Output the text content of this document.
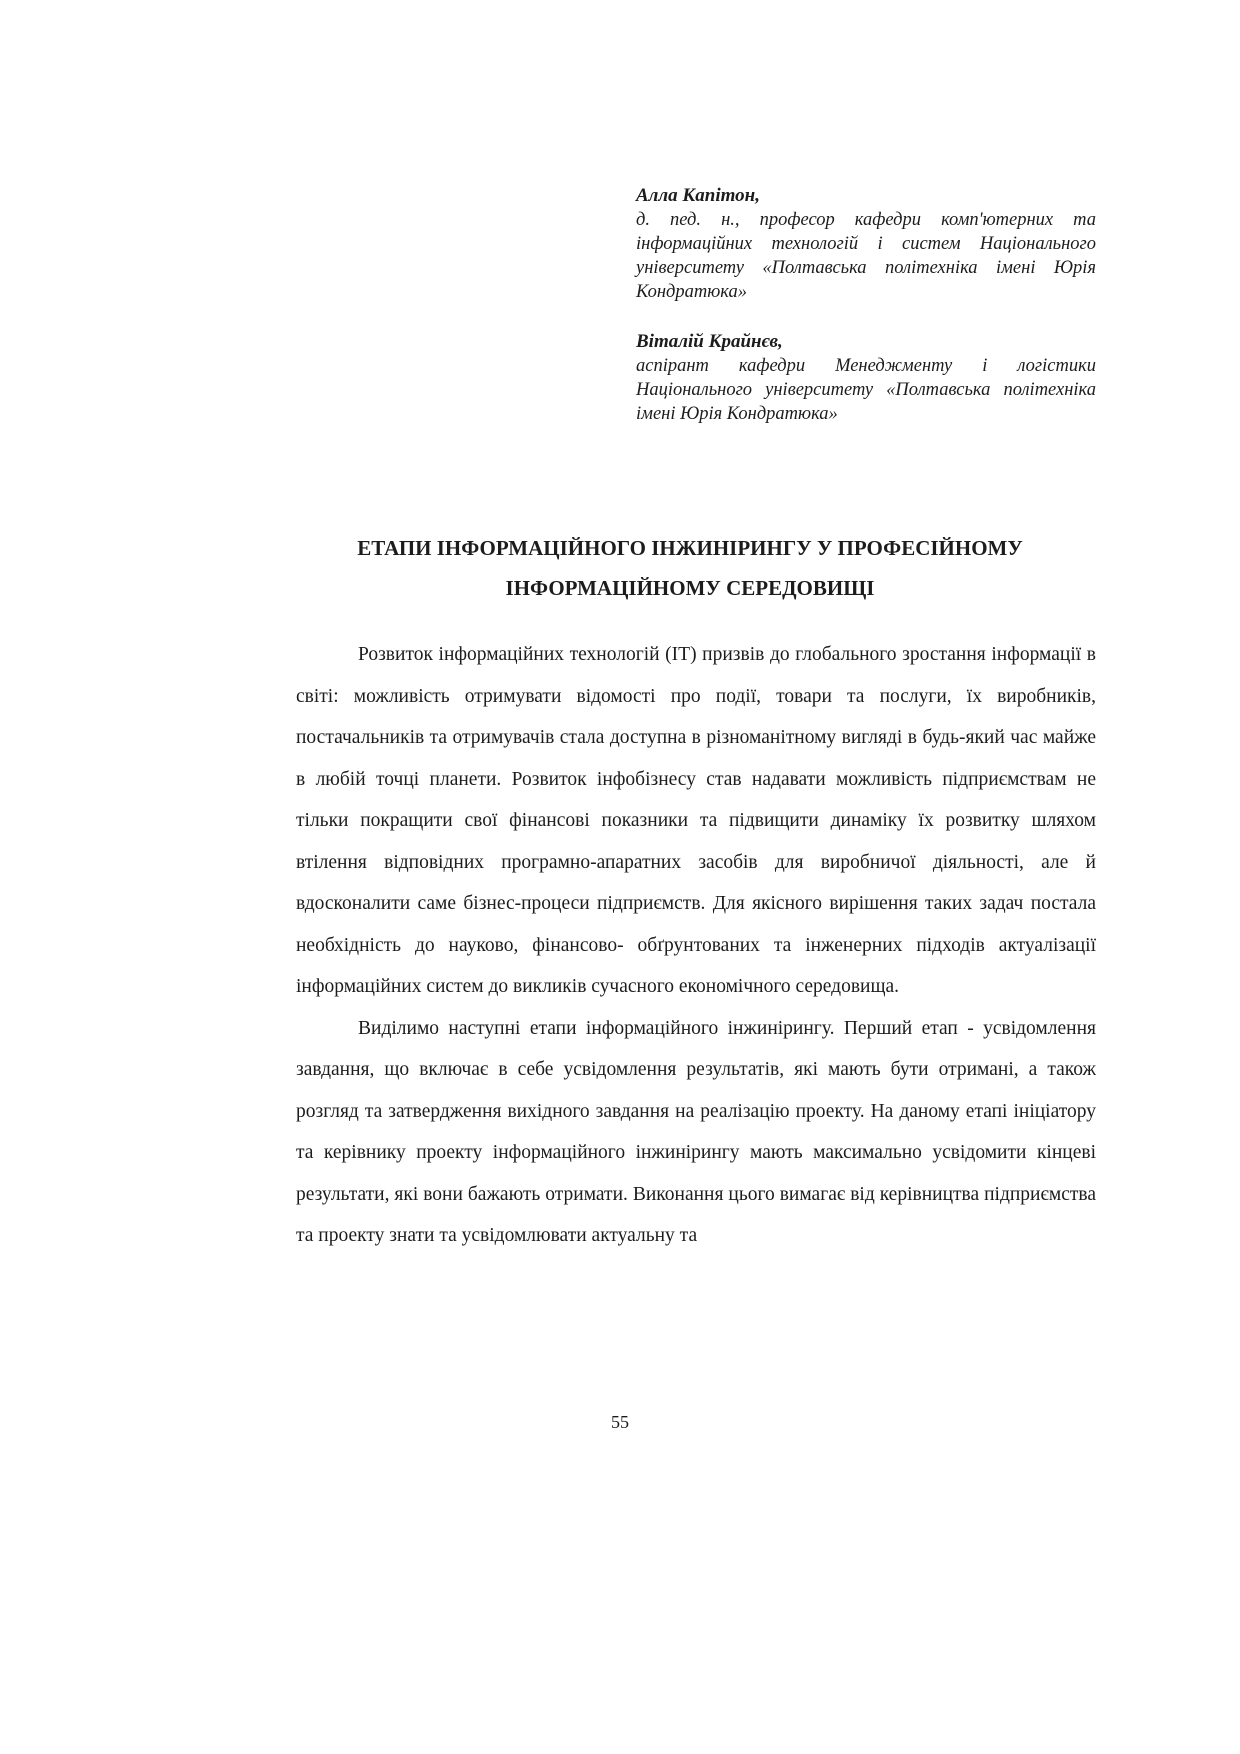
Алла Капітон,
д. пед. н., професор кафедри комп'ютерних та інформаційних технологій і систем Національного університету «Полтавська політехніка імені Юрія Кондратюка»
Віталій Крайнєв,
аспірант кафедри Менеджменту і логістики Національного університету «Полтавська політехніка імені Юрія Кондратюка»
ЕТАПИ ІНФОРМАЦІЙНОГО ІНЖИНІРИНГУ У ПРОФЕСІЙНОМУ
ІНФОРМАЦІЙНОМУ СЕРЕДОВИЩІ

Розвиток інформаційних технологій (ІТ) призвів до глобального зростання інформації в світі: можливість отримувати відомості про події, товари та послуги, їх виробників, постачальників та отримувачів стала доступна в різноманітному вигляді в будь-який час майже в любій точці планети. Розвиток інфобізнесу став надавати можливість підприємствам не тільки покращити свої фінансові показники та підвищити динаміку їх розвитку шляхом втілення відповідних програмно-апаратних засобів для виробничої діяльності, але й вдосконалити саме бізнес-процеси підприємств. Для якісного вирішення таких задач постала необхідність до науково, фінансово- обґрунтованих та інженерних підходів актуалізації інформаційних систем до викликів сучасного економічного середовища.

Виділимо наступні етапи інформаційного інжинірингу. Перший етап - усвідомлення завдання, що включає в себе усвідомлення результатів, які мають бути отримані, а також розгляд та затвердження вихідного завдання на реалізацію проекту. На даному етапі ініціатору та керівнику проекту інформаційного інжинірингу мають максимально усвідомити кінцеві результати, які вони бажають отримати. Виконання цього вимагає від керівництва підприємства та проекту знати та усвідомлювати актуальну та

55
